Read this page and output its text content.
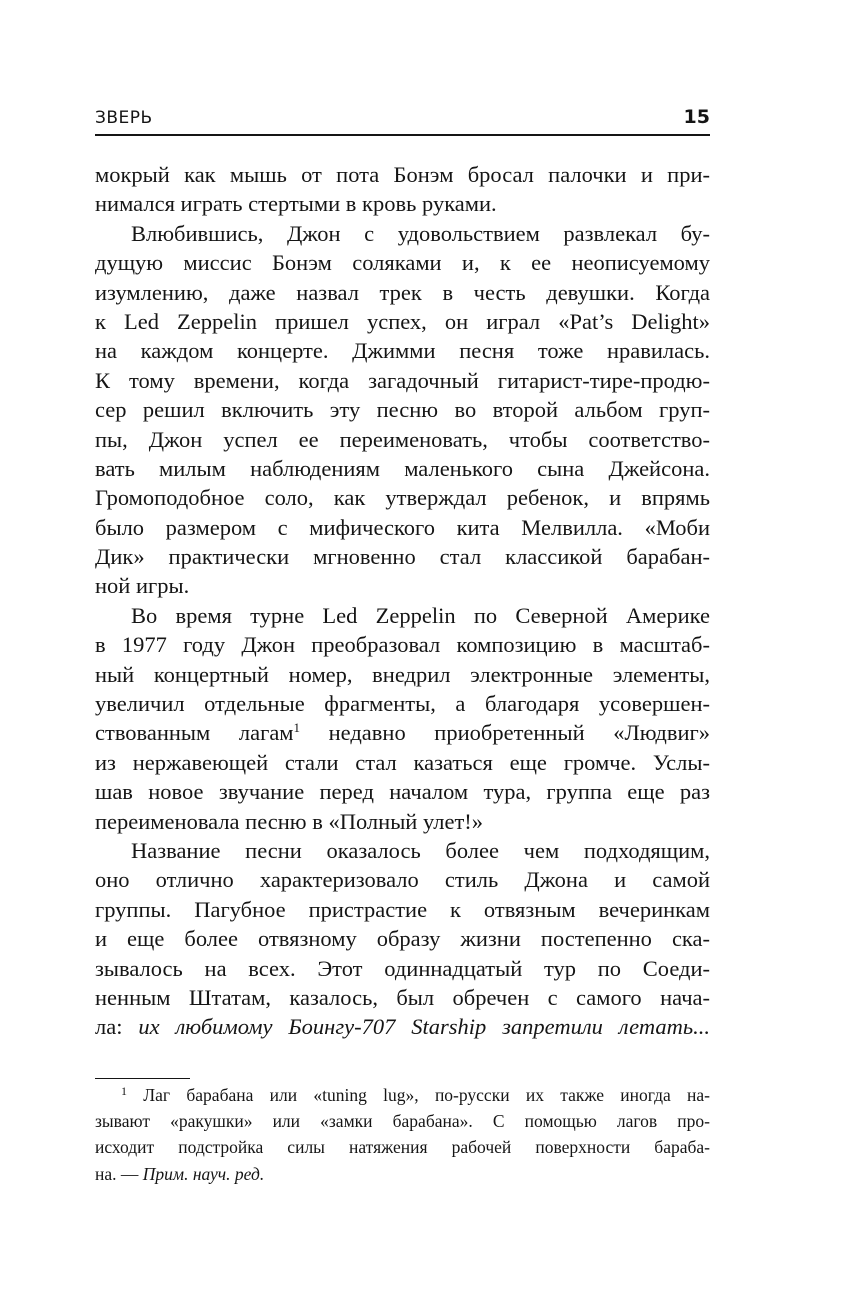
ЗВЕРЬ	15
мокрый как мышь от пота Бонэм бросал палочки и при-
нимался играть стертыми в кровь руками.
Влюбившись, Джон с удовольствием развлекал бу-
дущую миссис Бонэм соляками и, к ее неописуемому
изумлению, даже назвал трек в честь девушки. Когда
к Led Zeppelin пришел успех, он играл «Pat’s Delight»
на каждом концерте. Джимми песня тоже нравилась.
К тому времени, когда загадочный гитарист-тире-продю-
сер решил включить эту песню во второй альбом груп-
пы, Джон успел ее переименовать, чтобы соответство-
вать милым наблюдениям маленького сына Джейсона.
Громоподобное соло, как утверждал ребенок, и впрямь
было размером с мифического кита Мелвилла. «Моби
Дик» практически мгновенно стал классикой барабан-
ной игры.
Во время турне Led Zeppelin по Северной Америке
в 1977 году Джон преобразовал композицию в масштаб-
ный концертный номер, внедрил электронные элементы,
увеличил отдельные фрагменты, а благодаря усовершен-
ствованным лагам$^1$ недавно приобретенный «Людвиг»
из нержавеющей стали стал казаться еще громче. Услы-
шав новое звучание перед началом тура, группа еще раз
переименовала песню в «Полный улет!»
Название песни оказалось более чем подходящим,
оно отлично характеризовало стиль Джона и самой
группы. Пагубное пристрастие к отвязным вечеринкам
и еще более отвязному образу жизни постепенно ска-
зывалось на всех. Этот одиннадцатый тур по Соеди-
ненным Штатам, казалось, был обречен с самого нача-
ла: их любимому Боингу-707 Starship запретили летать...
$^1$ Лаг барабана или «tuning lug», по-русски их также иногда на-
зывают «ракушки» или «замки барабана». С помощью лагов про-
исходит подстройка силы натяжения рабочей поверхности бараба-
на. — Прим. науч. ред.
